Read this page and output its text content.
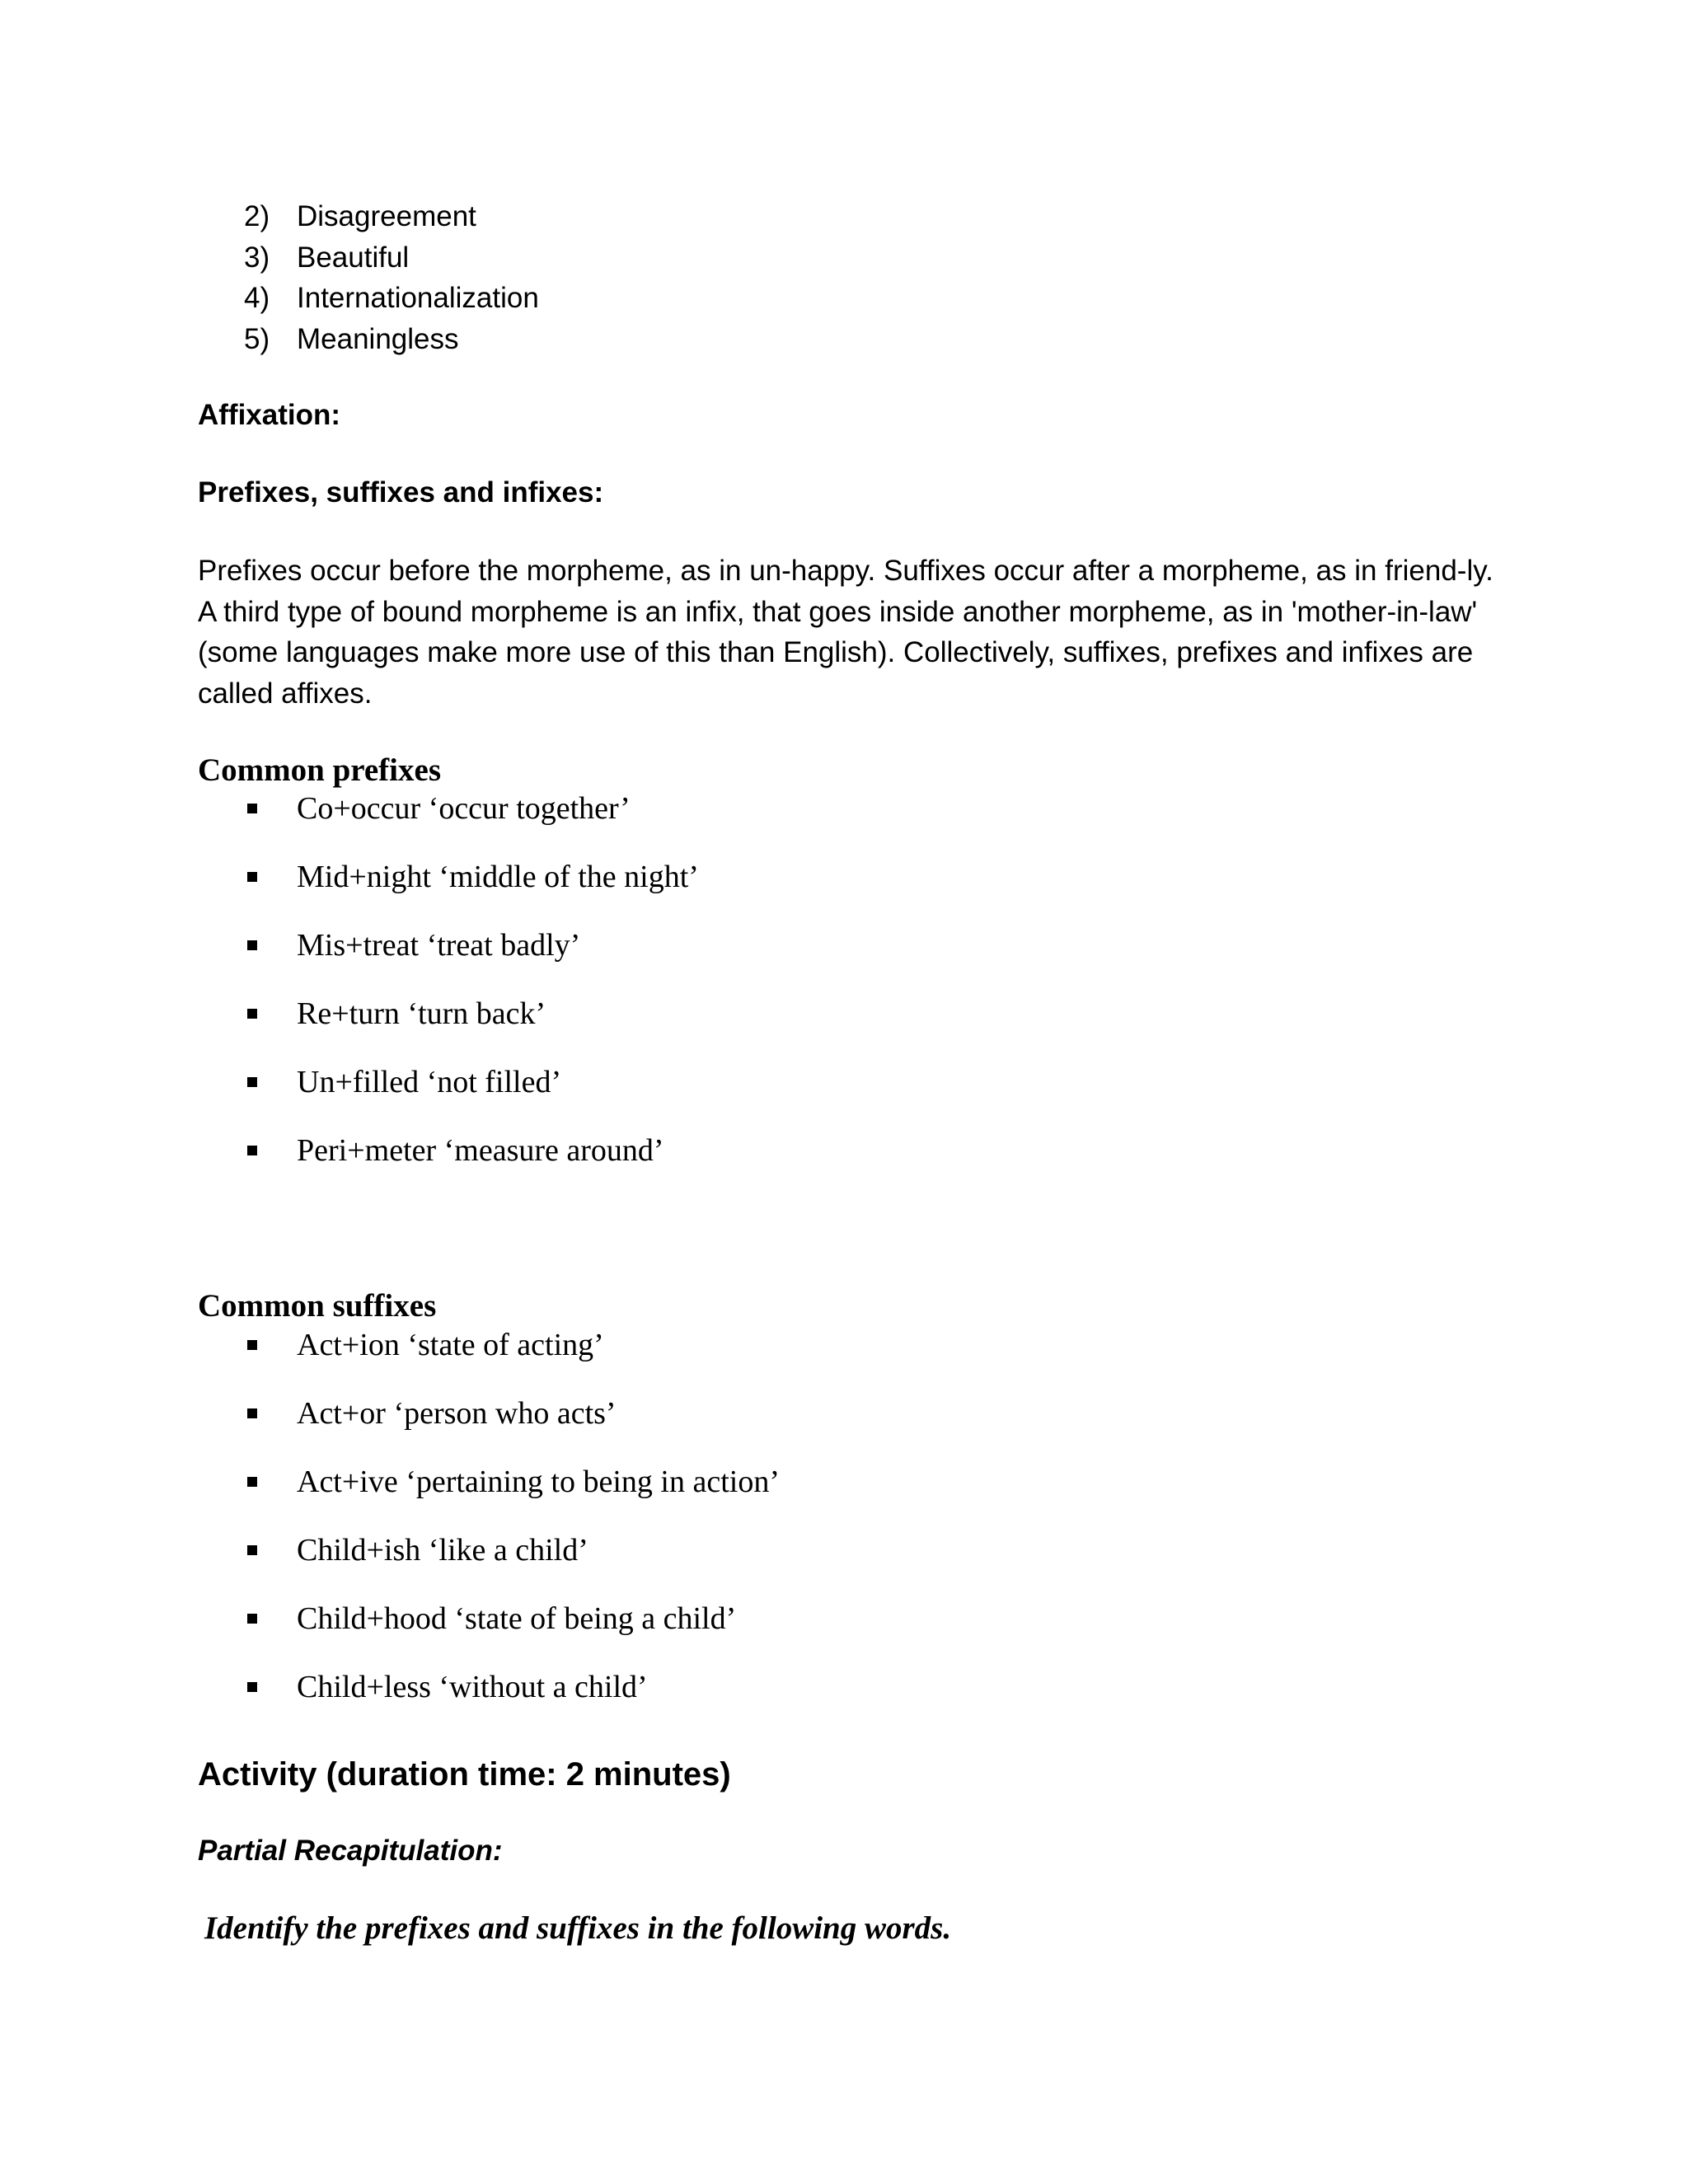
2) Disagreement
3) Beautiful
4) Internationalization
5) Meaningless
Affixation:
Prefixes, suffixes and infixes:

Prefixes occur before the morpheme, as in un-happy. Suffixes occur after a morpheme, as in friend-ly. A third type of bound morpheme is an infix, that goes inside another morpheme, as in 'mother-in-law' (some languages make more use of this than English). Collectively, suffixes, prefixes and infixes are called affixes.

Common prefixes
Co+occur ‘occur together’
Mid+night ‘middle of the night’
Mis+treat ‘treat badly’
Re+turn ‘turn back’
Un+filled ‘not filled’
Peri+meter ‘measure around’
Common suffixes
Act+ion ‘state of acting’
Act+or ‘person who acts’
Act+ive ‘pertaining to being in action’
Child+ish ‘like a child’
Child+hood ‘state of being a child’
Child+less ‘without a child’
Activity (duration time: 2 minutes)
Partial Recapitulation:

Identify the prefixes and suffixes in the following words.
